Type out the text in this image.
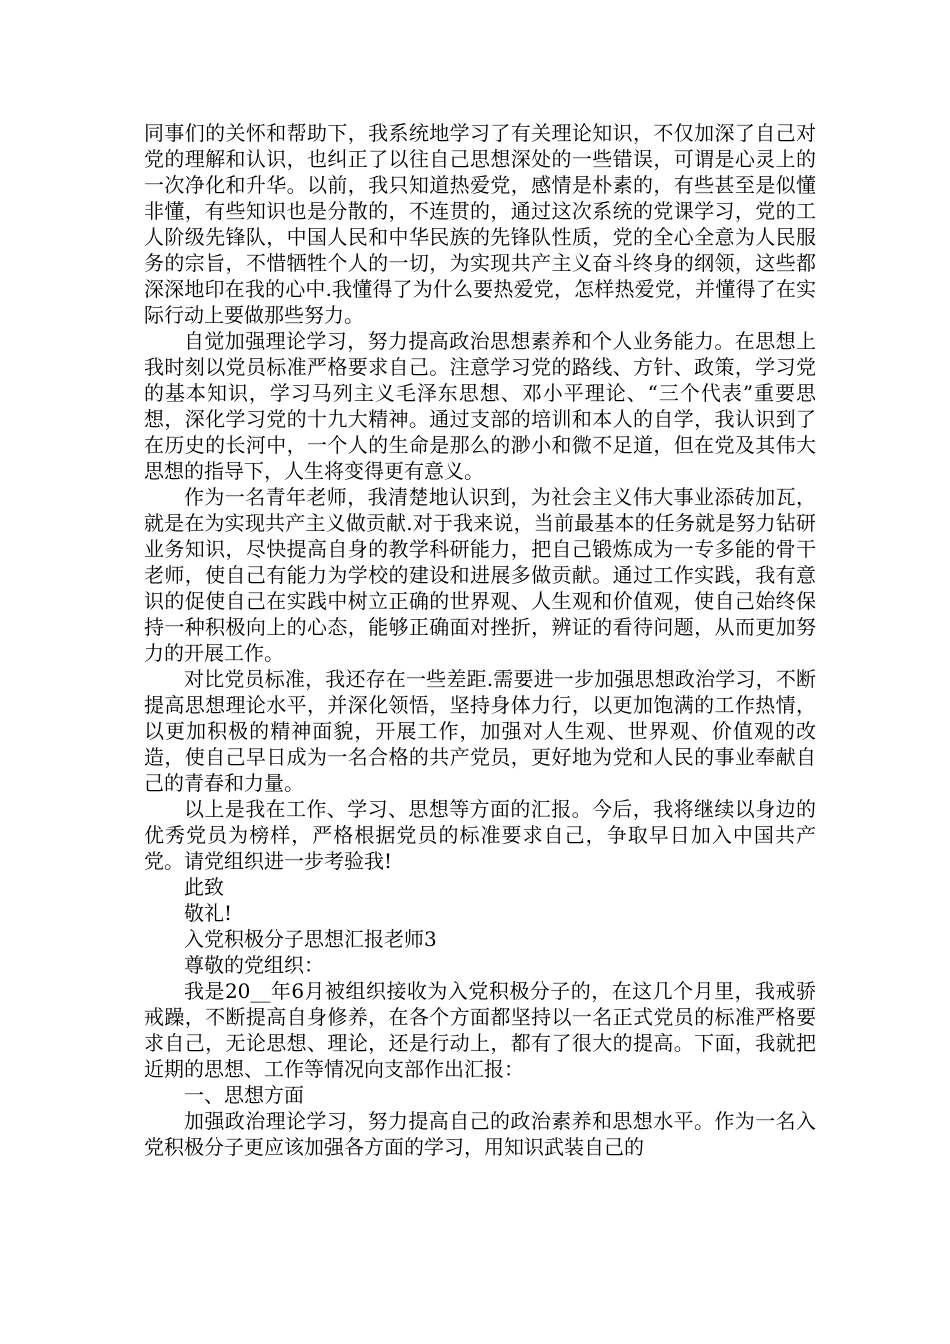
同事们的关怀和帮助下，我系统地学习了有关理论知识，不仅加深了自己对党的理解和认识，也纠正了以往自己思想深处的一些错误，可谓是心灵上的一次净化和升华。以前，我只知道热爱党，感情是朴素的，有些甚至是似懂非懂，有些知识也是分散的，不连贯的，通过这次系统的党课学习，党的工人阶级先锋队，中国人民和中华民族的先锋队性质，党的全心全意为人民服务的宗旨，不惜牺牲个人的一切，为实现共产主义奋斗终身的纲领，这些都深深地印在我的心中.我懂得了为什么要热爱党，怎样热爱党，并懂得了在实际行动上要做那些努力。

自觉加强理论学习，努力提高政治思想素养和个人业务能力。在思想上我时刻以党员标准严格要求自己。注意学习党的路线、方针、政策，学习党的基本知识，学习马列主义毛泽东思想、邓小平理论、“三个代表”重要思想，深化学习党的十九大精神。通过支部的培训和本人的自学，我认识到了在历史的长河中，一个人的生命是那么的渺小和微不足道，但在党及其伟大思想的指导下，人生将变得更有意义。

作为一名青年老师，我清楚地认识到，为社会主义伟大事业添砖加瓦，就是在为实现共产主义做贡献.对于我来说，当前最基本的任务就是努力钻研业务知识，尽快提高自身的教学科研能力，把自己锻炼成为一专多能的骨干老师，使自己有能力为学校的建设和进展多做贡献。通过工作实践，我有意识的促使自己在实践中树立正确的世界观、人生观和价值观，使自己始终保持一种积极向上的心态，能够正确面对挫折，辨证的看待问题，从而更加努力的开展工作。

对比党员标准，我还存在一些差距.需要进一步加强思想政治学习，不断提高思想理论水平，并深化领悟，坚持身体力行，以更加饱满的工作热情，以更加积极的精神面貌，开展工作，加强对人生观、世界观、价值观的改造，使自己早日成为一名合格的共产党员，更好地为党和人民的事业奉献自己的青春和力量。

以上是我在工作、学习、思想等方面的汇报。今后，我将继续以身边的优秀党员为榜样，严格根据党员的标准要求自己，争取早日加入中国共产党。请党组织进一步考验我!

此致

敬礼!

入党积极分子思想汇报老师3

尊敬的党组织：

我是20__年6月被组织接收为入党积极分子的，在这几个月里，我戒骄戒躁，不断提高自身修养，在各个方面都坚持以一名正式党员的标准严格要求自己，无论思想、理论，还是行动上，都有了很大的提高。下面，我就把近期的思想、工作等情况向支部作出汇报：

一、思想方面

加强政治理论学习，努力提高自己的政治素养和思想水平。作为一名入党积极分子更应该加强各方面的学习，用知识武装自己的
